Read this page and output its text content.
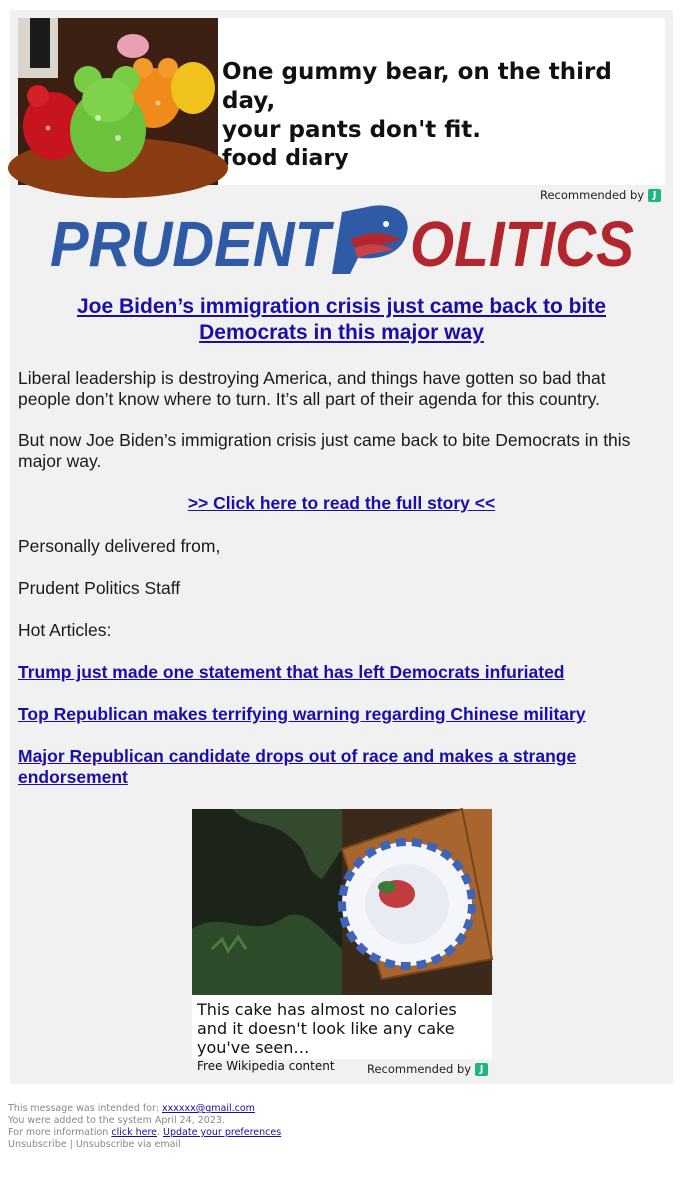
One gummy bear, on the third day,
your pants don't fit.
food diary
Recommended by J
PRUDENT OLITICS
Joe Biden’s immigration crisis just came back to bite
Democrats in this major way

Liberal leadership is destroying America, and things have gotten so bad that people don’t know where to turn. It’s all part of their agenda for this country.

But now Joe Biden’s immigration crisis just came back to bite Democrats in this major way.

>> Click here to read the full story <<

Personally delivered from,

Prudent Politics Staff

Hot Articles:

Trump just made one statement that has left Democrats infuriated
Top Republican makes terrifying warning regarding Chinese military
Major Republican candidate drops out of race and makes a strange endorsement
This cake has almost no calories and it doesn't look like any cake you've seen…
Free Wikipedia content	Recommended by J
This message was intended for: xxxxxx@gmail.com
You were added to the system April 24, 2023.
For more information click here. Update your preferences
Unsubscribe | Unsubscribe via email
